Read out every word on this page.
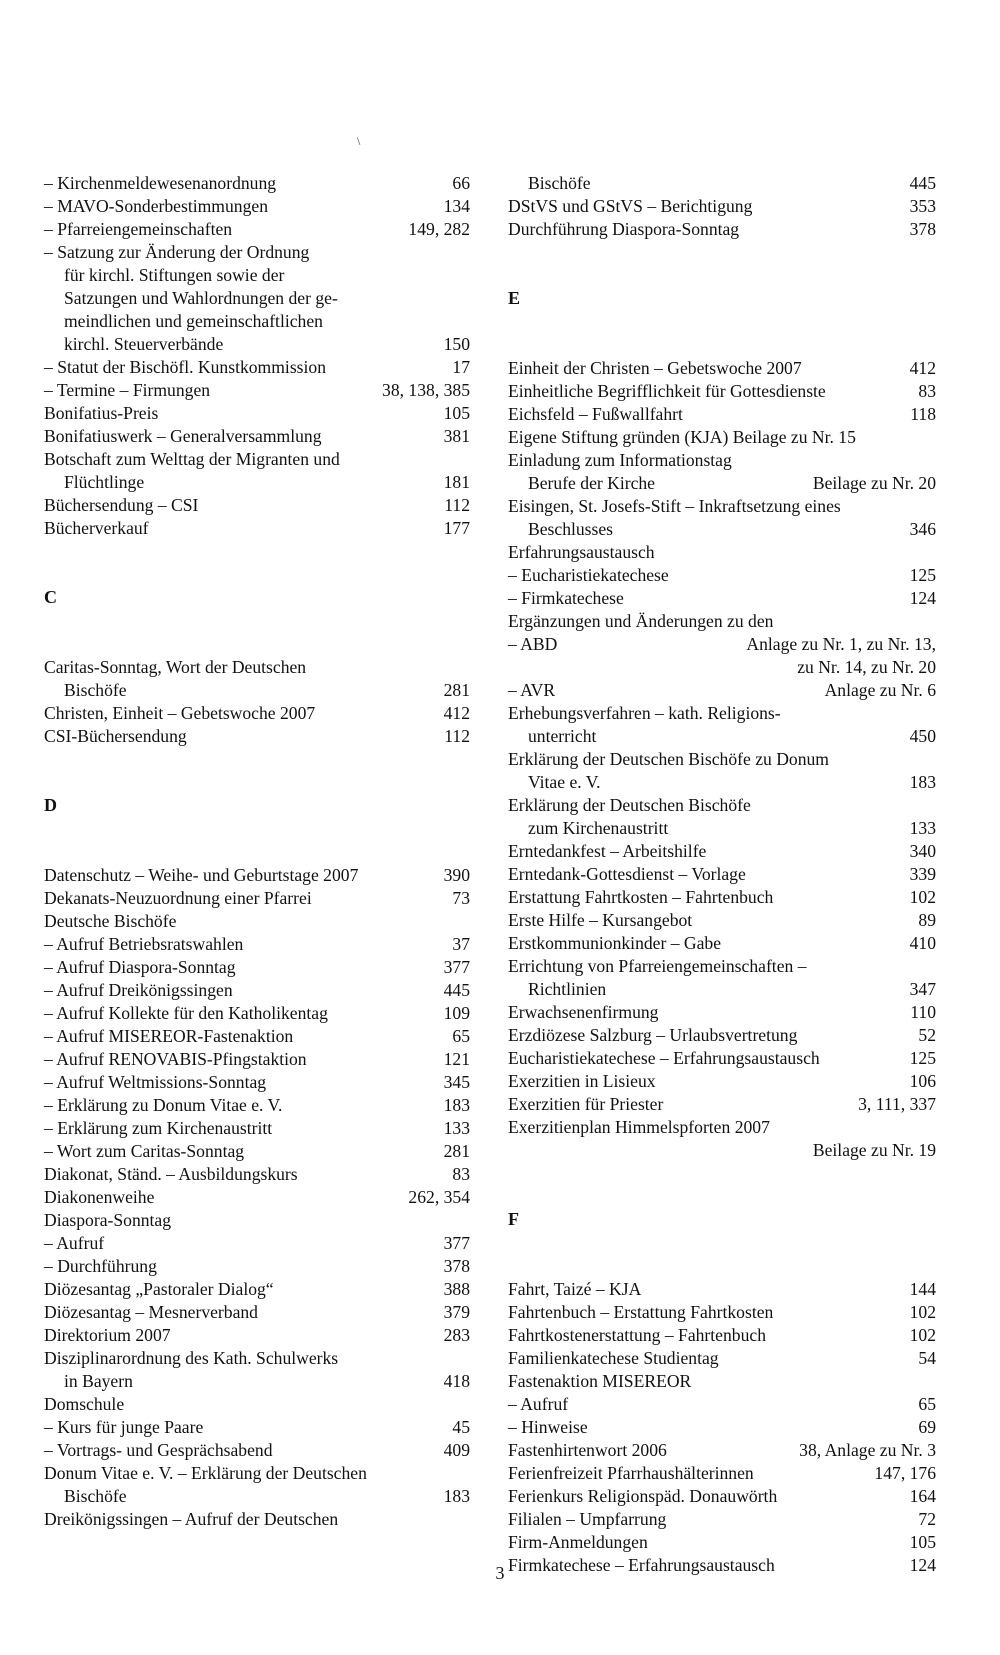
\
– Kirchenmeldewesenanordnung	66
– MAVO-Sonderbestimmungen	134
– Pfarreiengemeinschaften	149, 282
– Satzung zur Änderung der Ordnung
für kirchl. Stiftungen sowie der
Satzungen und Wahlordnungen der ge-
meindlichen und gemeinschaftlichen
kirchl. Steuerverbände	150
– Statut der Bischöfl. Kunstkommission	17
– Termine – Firmungen	38, 138, 385
Bonifatius-Preis	105
Bonifatiuswerk – Generalversammlung	381
Botschaft zum Welttag der Migranten und
Flüchtlinge	181
Büchersendung – CSI	112
Bücherverkauf	177
C
Caritas-Sonntag, Wort der Deutschen
Bischöfe	281
Christen, Einheit – Gebetswoche 2007	412
CSI-Büchersendung	112
D
Datenschutz – Weihe- und Geburtstage 2007	390
Dekanats-Neuzuordnung einer Pfarrei	73
Deutsche Bischöfe
– Aufruf Betriebsratswahlen	37
– Aufruf Diaspora-Sonntag	377
– Aufruf Dreikönigssingen	445
– Aufruf Kollekte für den Katholikentag	109
– Aufruf MISEREOR-Fastenaktion	65
– Aufruf RENOVABIS-Pfingstaktion	121
– Aufruf Weltmissions-Sonntag	345
– Erklärung zu Donum Vitae e. V.	183
– Erklärung zum Kirchenaustritt	133
– Wort zum Caritas-Sonntag	281
Diakonat, Ständ. – Ausbildungskurs	83
Diakonenweihe	262, 354
Diaspora-Sonntag
– Aufruf	377
– Durchführung	378
Diözesantag „Pastoraler Dialog“	388
Diözesantag – Mesnerverband	379
Direktorium 2007	283
Disziplinarordnung des Kath. Schulwerks
in Bayern	418
Domschule
– Kurs für junge Paare	45
– Vortrags- und Gesprächsabend	409
Donum Vitae e. V. – Erklärung der Deutschen
Bischöfe	183
Dreikönigssingen – Aufruf der Deutschen
Bischöfe	445
DStVS und GStVS – Berichtigung	353
Durchführung Diaspora-Sonntag	378
E
Einheit der Christen – Gebetswoche 2007	412
Einheitliche Begrifflichkeit für Gottesdienste	83
Eichsfeld – Fußwallfahrt	118
Eigene Stiftung gründen (KJA) Beilage zu Nr. 15
Einladung zum Informationstag
Berufe der Kirche	Beilage zu Nr. 20
Eisingen, St. Josefs-Stift – Inkraftsetzung eines
Beschlusses	346
Erfahrungsaustausch
– Eucharistiekatechese	125
– Firmkatechese	124
Ergänzungen und Änderungen zu den
– ABD	Anlage zu Nr. 1, zu Nr. 13,
zu Nr. 14, zu Nr. 20
– AVR	Anlage zu Nr. 6
Erhebungsverfahren – kath. Religions-
unterricht	450
Erklärung der Deutschen Bischöfe zu Donum
Vitae e. V.	183
Erklärung der Deutschen Bischöfe
zum Kirchenaustritt	133
Erntedankfest – Arbeitshilfe	340
Erntedank-Gottesdienst – Vorlage	339
Erstattung Fahrtkosten – Fahrtenbuch	102
Erste Hilfe – Kursangebot	89
Erstkommunionkinder – Gabe	410
Errichtung von Pfarreiengemeinschaften –
Richtlinien	347
Erwachsenenfirmung	110
Erzdiözese Salzburg – Urlaubsvertretung	52
Eucharistiekatechese – Erfahrungsaustausch	125
Exerzitien in Lisieux	106
Exerzitien für Priester	3, 111, 337
Exerzitienplan Himmelspforten 2007
Beilage zu Nr. 19
F
Fahrt, Taizé – KJA	144
Fahrtenbuch – Erstattung Fahrtkosten	102
Fahrtkostenerstattung – Fahrtenbuch	102
Familienkatechese Studientag	54
Fastenaktion MISEREOR
– Aufruf	65
– Hinweise	69
Fastenhirtenwort 2006	38, Anlage zu Nr. 3
Ferienfreizeit Pfarrhaushälterinnen	147, 176
Ferienkurs Religionspäd. Donauwörth	164
Filialen – Umpfarrung	72
Firm-Anmeldungen	105
Firmkatechese – Erfahrungsaustausch	124
3
